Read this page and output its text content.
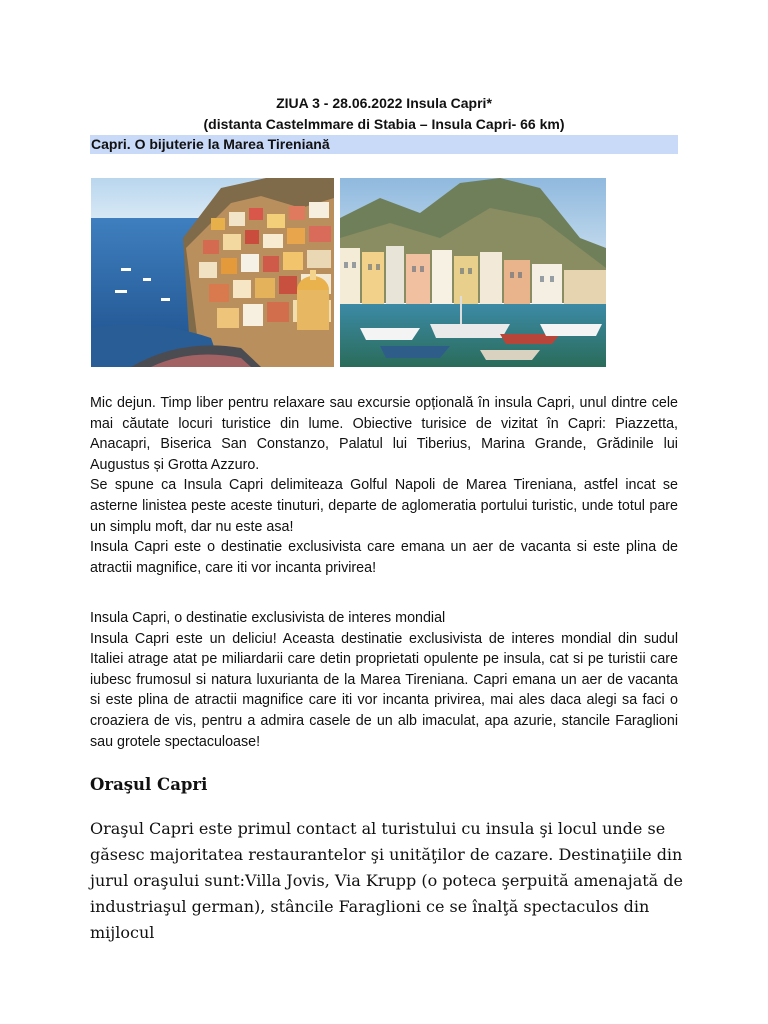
ZIUA 3 - 28.06.2022 Insula Capri*
(distanta Castelmmare di Stabia – Insula Capri- 66 km)
Capri. O bijuterie la Marea Tireniană

Mic dejun. Timp liber pentru relaxare sau excursie opțională în insula Capri, unul dintre cele mai căutate locuri turistice din lume. Obiective turisice de vizitat în Capri: Piazzetta, Anacapri, Biserica San Constanzo, Palatul lui Tiberius, Marina Grande, Grădinile lui Augustus și Grotta Azzuro.

Se spune ca Insula Capri delimiteaza Golful Napoli de Marea Tireniana, astfel incat se asterne linistea peste aceste tinuturi, departe de aglomeratia portului turistic, unde totul pare un simplu moft, dar nu este asa!

Insula Capri este o destinatie exclusivista care emana un aer de vacanta si este plina de atractii magnifice, care iti vor incanta privirea!

Insula Capri, o destinatie exclusivista de interes mondial

Insula Capri este un deliciu! Aceasta destinatie exclusivista de interes mondial din sudul Italiei atrage atat pe miliardarii care detin proprietati opulente pe insula, cat si pe turistii care iubesc frumosul si natura luxurianta de la Marea Tireniana. Capri emana un aer de vacanta si este plina de atractii magnifice care iti vor incanta privirea, mai ales daca alegi sa faci o croaziera de vis, pentru a admira casele de un alb imaculat, apa azurie, stancile Faraglioni sau grotele spectaculoase!

Oraşul Capri

Oraşul Capri este primul contact al turistului cu insula şi locul unde se găsesc majoritatea restaurantelor şi unităţilor de cazare. Destinaţiile din jurul oraşului sunt:Villa Jovis, Via Krupp (o poteca şerpuită amenajată de industriaşul german), stâncile Faraglioni ce se înalţă spectaculos din mijlocul
